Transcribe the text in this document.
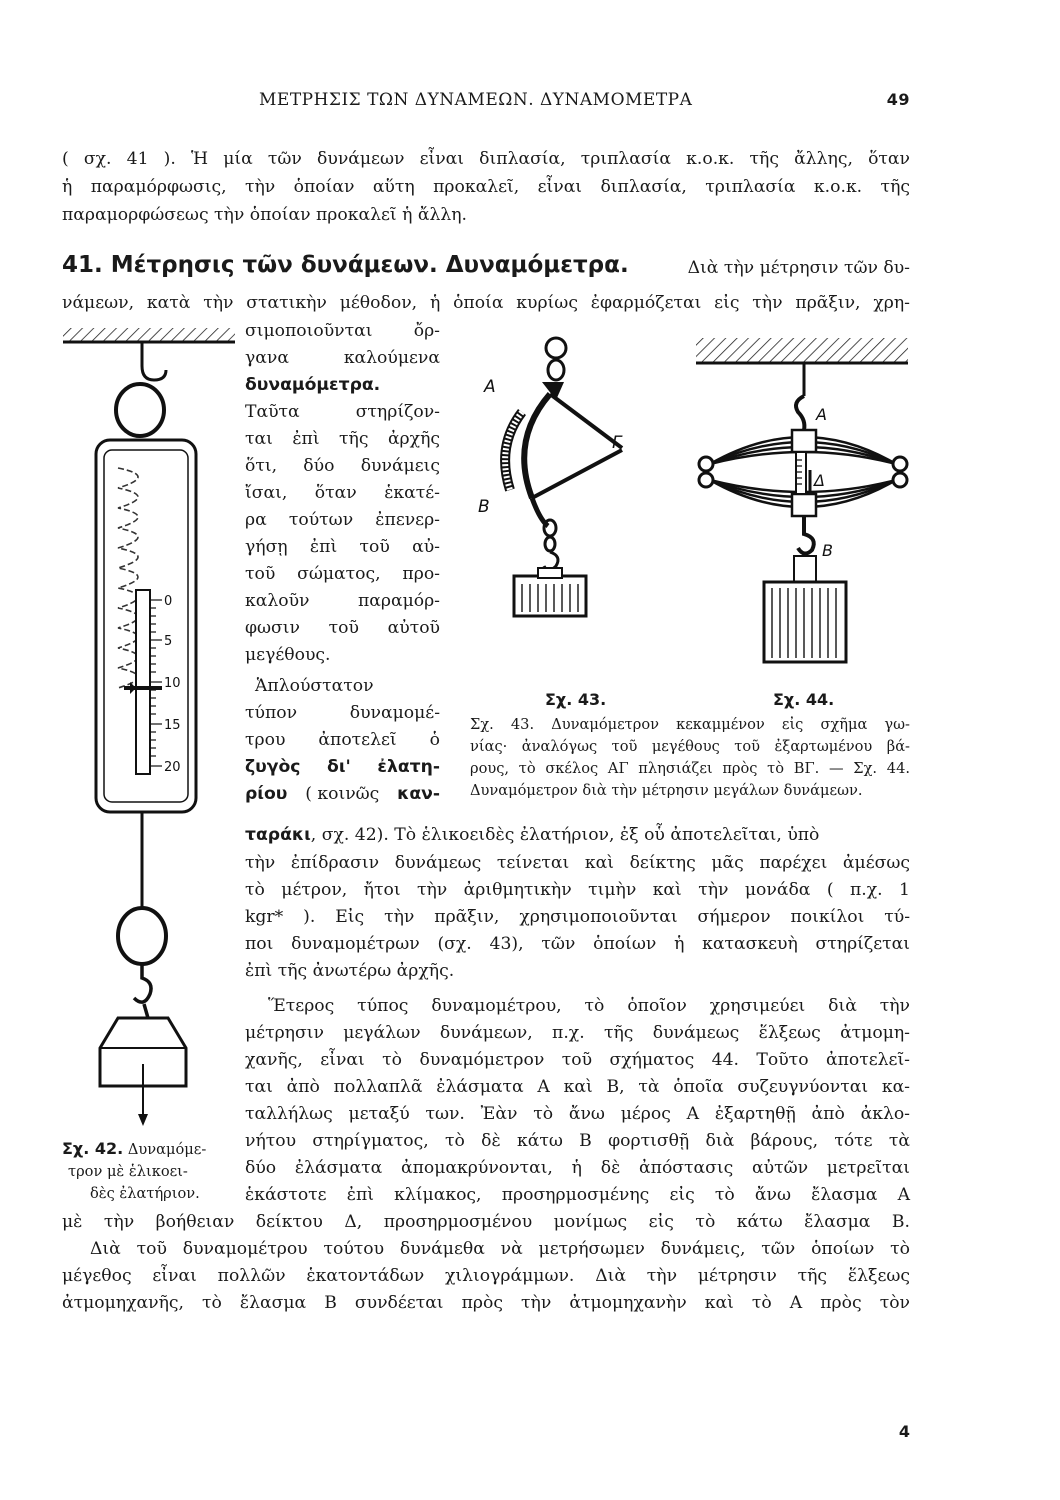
ΜΕΤΡΗΣΙΣ ΤΩΝ ΔΥΝΑΜΕΩΝ. ΔΥΝΑΜΟΜΕΤΡΑ	49
( σχ. 41 ). Ἡ μία τῶν δυνάμεων εἶναι διπλασία, τριπλασία κ.ο.κ. τῆς ἄλλης, ὅταν
ἡ παραμόρφωσις, τὴν ὁποίαν αὕτη προκαλεῖ, εἶναι διπλασία, τριπλασία κ.ο.κ. τῆς
παραμορφώσεως τὴν ὁποίαν προκαλεῖ ἡ ἄλλη.
41. Μέτρησις τῶν δυνάμεων. Δυναμόμετρα.	Διὰ τὴν μέτρησιν τῶν δυ-
νάμεων, κατὰ τὴν στατικὴν μέθοδον, ἡ ὁποία κυρίως ἐφαρμόζεται εἰς τὴν πρᾶξιν, χρη-
σιμοποιοῦνται ὄρ-
γανα καλούμενα
δυναμόμετρα.
Ταῦτα στηρίζον-
ται ἐπὶ τῆς ἀρχῆς
ὅτι, δύο δυνάμεις
ἴσαι, ὅταν ἑκατέ-
ρα τούτων ἐπενερ-
γήσῃ ἐπὶ τοῦ αὐ-
τοῦ σώματος, προ-
καλοῦν παραμόρ-
φωσιν τοῦ αὐτοῦ
μεγέθους.
Ἁπλούστατον
τύπον δυναμομέ-
τρου ἀποτελεῖ ὁ
ζυγὸς δι' ἐλατη-
ρίου ( κοινῶς καν-
ταράκι, σχ. 42). Τὸ ἑλικοειδὲς ἐλατήριον, ἐξ οὗ ἀποτελεῖται, ὑπὸ
τὴν ἐπίδρασιν δυνάμεως τείνεται καὶ δείκτης μᾶς παρέχει ἀμέσως
τὸ μέτρον, ἤτοι τὴν ἀριθμητικὴν τιμὴν καὶ τὴν μονάδα ( π.χ. 1
kgr* ). Εἰς τὴν πρᾶξιν, χρησιμοποιοῦνται σήμερον ποικίλοι τύ-
ποι δυναμομέτρων (σχ. 43), τῶν ὁποίων ἡ κατασκευὴ στηρίζεται
ἐπὶ τῆς ἀνωτέρω ἀρχῆς.
Ἕτερος τύπος δυναμομέτρου, τὸ ὁποῖον χρησιμεύει διὰ τὴν
μέτρησιν μεγάλων δυνάμεων, π.χ. τῆς δυνάμεως ἕλξεως ἀτμομη-
χανῆς, εἶναι τὸ δυναμόμετρον τοῦ σχήματος 44. Τοῦτο ἀποτελεῖ-
ται ἀπὸ πολλαπλᾶ ἐλάσματα Α καὶ Β, τὰ ὁποῖα συζευγνύονται κα-
ταλλήλως μεταξύ των. Ἐὰν τὸ ἄνω μέρος Α ἐξαρτηθῇ ἀπὸ ἀκλο-
νήτου στηρίγματος, τὸ δὲ κάτω Β φορτισθῇ διὰ βάρους, τότε τὰ
δύο ἐλάσματα ἀπομακρύνονται, ἡ δὲ ἀπόστασις αὐτῶν μετρεῖται
ἑκάστοτε ἐπὶ κλίμακος, προσηρμοσμένης εἰς τὸ ἄνω ἔλασμα Α
μὲ τὴν βοήθειαν δείκτου Δ, προσηρμοσμένου μονίμως εἰς τὸ κάτω ἔλασμα Β.
Διὰ τοῦ δυναμομέτρου τούτου δυνάμεθα νὰ μετρήσωμεν δυνάμεις, τῶν ὁποίων τὸ
μέγεθος εἶναι πολλῶν ἑκατοντάδων χιλιογράμμων. Διὰ τὴν μέτρησιν τῆς ἕλξεως
ἀτμομηχανῆς, τὸ ἔλασμα Β συνδέεται πρὸς τὴν ἀτμομηχανὴν καὶ τὸ Α πρὸς τὸν
Σχ. 42. Δυναμόμε-
τρον μὲ ἑλικοει-
δὲς ἐλατήριον.
Σχ. 43.	Σχ. 44.
Σχ. 43. Δυναμόμετρον κεκαμμένον εἰς σχῆμα γω-
νίας· ἀναλόγως τοῦ μεγέθους τοῦ ἐξαρτωμένου βά-
ρους, τὸ σκέλος ΑΓ πλησιάζει πρὸς τὸ ΒΓ. — Σχ. 44.
Δυναμόμετρον διὰ τὴν μέτρησιν μεγάλων δυνάμεων.
0
5
10
15
20
Α
Γ
Β
Α
Δ
Β
4
